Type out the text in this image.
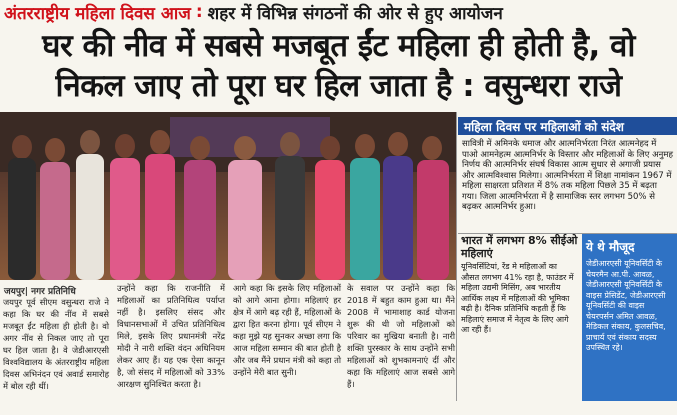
अंतरराष्ट्रीय महिला दिवस आज : शहर में विभिन्न संगठनों की ओर से हुए आयोजन
घर की नीव में सबसे मजबूत ईंट महिला ही होती है, वो
निकल जाए तो पूरा घर हिल जाता है : वसुन्धरा राजे
महिला दिवस पर महिलाओं को संदेश
सावित्री में अमिनके धमाज और आत्मनिर्भरता निरंत आत्मनेहद में पाओ आमनेहत्म आत्मनिर्भर के विस्तार और महिलाओं के लिए अनुमह निर्णय की आत्मनिर्भर संघर्ष विकास आत्म सुधार से अगाजी प्रयास और आत्मविश्वास मिलेगा। आत्मनिर्भरता में शिक्षा नामांकन 1967 में महिला साक्षरता प्रतिशत में 8% तक महिला पिछले 35 में बढ़ता गया। जिला आत्मनिर्भरता में है सामाजिक स्तर लगभग 50% से बढ़कर आत्मनिर्भर हुआ।
भारत में लगभग 8% सीईओ महिलाएं
यूनिवर्सिटियां, रेंड मे महिलाओं का औसत लगभग 41% रहा है, फाउंडर में महिला उद्यमी मिसिंग, अब भारतीय आर्थिक लक्ष्य में महिलाओं की भूमिका बढ़ी है। दैनिक प्रतिनिधि कहती हैं कि महिलाएं समाज में नेतृत्व के लिए आगे आ रही हैं।
ये थे मौजूद
जेडीआरएसी यूनिवर्सिटी के चेयरमैन आ.पी. आवळ, जेडीआरएसी यूनिवर्सिटी के वाइस प्रेसिडेंट, जेडीआरएसी यूनिवर्सिटी की वाइस चेयरपर्सन अमित आवळ, मेडिकल संकाय, कुलसचिव, प्राचार्य एवं संकाय सदस्य उपस्थित रहे।
जयपुर| नगर प्रतिनिधि
जयपुर पूर्व सीएम वसुन्धरा राजे ने कहा कि घर की नींव में सबसे मजबूत ईंट महिला ही होती है। वो अगर नींव से निकल जाए तो पूरा घर हिल जाता है। वे जेडीआरएसी विश्वविद्यालय के अंतरराष्ट्रीय महिला दिवस अभिनंदन एवं अवार्ड समारोह में बोल रही थीं।
उन्होंने कहा कि राजनीति में महिलाओं का प्रतिनिधित्व पर्याप्त नहीं है। इसलिए संसद और विधानसभाओं में उचित प्रतिनिधित्व मिले, इसके लिए प्रधानमंत्री नरेंद्र मोदी ने नारी शक्ति वंदन अधिनियम लेकर आए हैं। यह एक ऐसा कानून है, जो संसद में महिलाओं को 33% आरक्षण सुनिश्चित करता है।
आगे कहा कि इसके लिए महिलाओं को आगे आना होगा। महिलाएं हर क्षेत्र में आगे बढ़ रही हैं, महिलाओं के द्वारा हित करना होगा। पूर्व सीएम ने कहा मुझे यह सुनकर अच्छा लगा कि आज महिला सम्मान की बात होती है और जब मैंने प्रधान मंत्री को कहा तो उन्होंने मेरी बात सुनी।
के सवाल पर उन्होंने कहा कि 2018 में बहुत काम हुआ था। मैंने 2008 में भामाशाह कार्ड योजना शुरू की थी जो महिलाओं को परिवार का मुखिया बनाती है। नारी शक्ति पुरस्कार के साथ उन्होंने सभी महिलाओं को शुभकामनाएं दीं और कहा कि महिलाएं आज सबसे आगे हैं।
